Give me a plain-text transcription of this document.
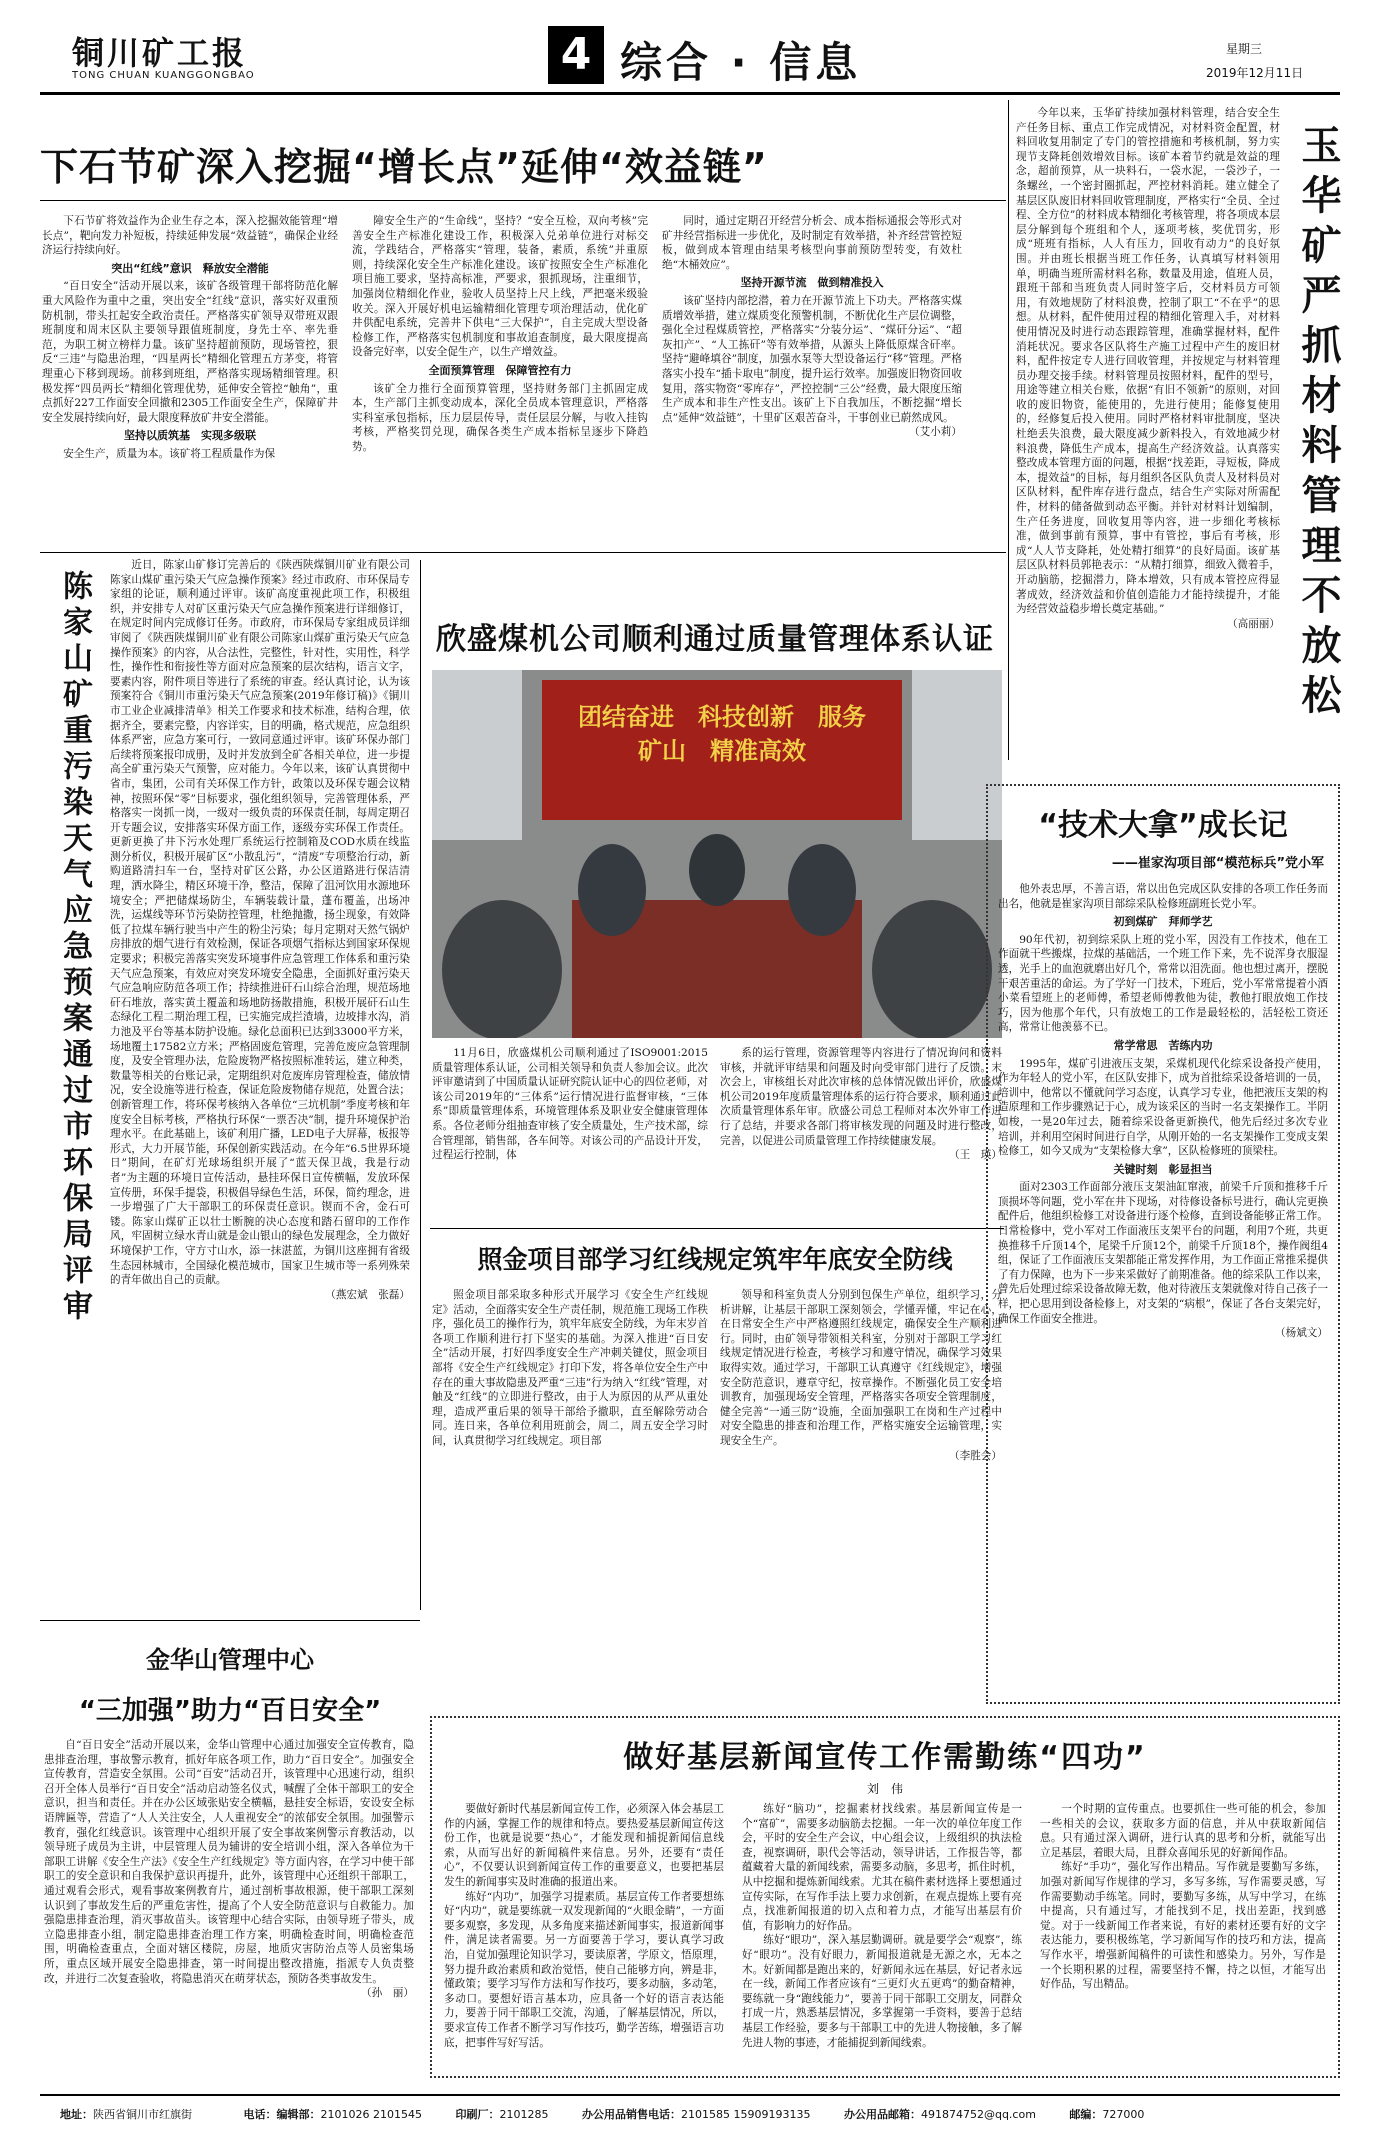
铜川矿工报
TONG CHUAN KUANGGONGBAO	4 综合 · 信息	星期三
2019年12月11日
下石节矿深入挖掘“增长点”延伸“效益链”

下石节矿将效益作为企业生存之本，深入挖掘效能管理“增长点”，靶向发力补短板，持续延伸发展“效益链”，确保企业经济运行持续向好。

突出“红线”意识　释放安全潜能

“百日安全”活动开展以来，该矿各级管理干部将防范化解重大风险作为重中之重，突出安全“红线”意识，落实好双重预防机制，带头扛起安全政治责任。严格落实矿领导双带班双跟班制度和周末区队主要领导跟值班制度，身先士卒、率先垂范，为职工树立榜样力量。该矿坚持超前预防，现场管控，狠反“三违”与隐患治理，“四星两长”精细化管理五方茅变，将管理重心下移到现场。前移到班组，严格落实现场精细管理。积极发挥“四员两长”精细化管理优势，延伸安全管控“触角”，重点抓好227工作面安全回撤和2305工作面安全生产，保障矿井安全发展持续向好，最大限度释放矿井安全潜能。

坚持以质筑基　实现多级联

安全生产，质量为本。该矿将工程质量作为保

障安全生产的“生命线”，坚持？“安全互检，双向考核”完善安全生产标准化建设工作，积极深入兑弟单位进行对标交流，学践结合，严格落实“管理，装备，素质，系统”并重原则，持续深化安全生产标准化建设。该矿按照安全生产标准化项目施工要求，坚持高标准，严要求，狠抓现场，注重细节，加强岗位精细化作业，验收人员坚持上尺上线，严把毫米级验收关。深入开展好机电运输精细化管理专项治理活动，优化矿井供配电系统，完善井下供电“三大保护”，自主完成大型设备检修工作，严格落实包机制度和事故追查制度，最大限度提高设备完好率，以安全促生产，以生产增效益。

全面预算管理　保障管控有力

该矿全力推行全面预算管理，坚持财务部门主抓固定成本，生产部门主抓变动成本，深化全员成本管理意识，严格落实科室承包指标，压力层层传导，责任层层分解，与收入挂钩考核，严格奖罚兑现，确保各类生产成本指标呈逐步下降趋势。

同时，通过定期召开经营分析会、成本指标通报会等形式对矿井经营指标进一步优化，及时制定有效举措，补齐经营管控短板，做到成本管理由结果考核型向事前预防型转变，有效杜绝“木桶效应”。

坚持开源节流　做到精准投入

该矿坚持内部挖潜，着力在开源节流上下功夫。严格落实煤质增效举措，建立煤质变化预警机制，不断优化生产层位调整，强化全过程煤质管控，严格落实“分装分运”、“煤矸分运”、“超灰扣产”、“人工拣矸”等有效举措，从源头上降低原煤含矸率。坚持“避峰填谷”制度，加强水泵等大型设备运行“移”管理。严格落实小投车“插卡取电”制度，提升运行效率。加强废旧物资回收复用，落实物资“零库存”，严控控制“三公”经费，最大限度压缩生产成本和非生产性支出。该矿上下自我加压，不断挖掘“增长点”延伸“效益链”，十里矿区艰苦奋斗，干事创业已蔚然成风。

（艾小莉）

今年以来，玉华矿持续加强材料管理，结合安全生产任务目标、重点工作完成情况，对材料资金配置，材料回收复用制定了专门的管控措施和考核机制，努力实现节支降耗创效增效目标。该矿本着节约就是效益的理念，超前预算，从一块料石，一袋水泥，一袋沙子，一条螺丝，一个密封圈抓起，严控材料消耗。建立健全了基层区队废旧材料回收管理制度，严格实行“全员、全过程、全方位”的材料成本精细化考核管理，将各项成本层层分解到每个班组和个人，逐项考核，奖优罚劣，形成“班班有指标，人人有压力，回收有动力”的良好氛围。并由班长根据当班工作任务，认真填写材料领用单，明确当班所需材料名称，数量及用途，值班人员，跟班干部和当班负责人同时签字后，交材料员方可领用，有效地规防了材料浪费，控制了职工“不在乎”的思想。从材料，配件使用过程的精细化管理入手，对材料使用情况及时进行动态跟踪管理，准确掌握材料，配件消耗状况。要求各区队将生产施工过程中产生的废旧材料，配件按定专人进行回收管理，并按规定与材料管理员办理交接手续。材料管理员按照材料，配件的型号，用途等建立相关台账，依据“有旧不领新”的原则，对回收的废旧物资，能使用的，先进行使用；能修复使用的，经修复后投入使用。同时严格材料审批制度，坚决杜绝丢失浪费，最大限度减少新料投入，有效地减少材料浪费，降低生产成本，提高生产经济效益。认真落实整改成本管理方面的问题，根据“找差距，寻短板，降成本，提效益”的目标，每月组织各区队负责人及材料员对区队材料，配件库存进行盘点，结合生产实际对所需配件，材料的储备做到动态平衡。并针对材料计划编制，生产任务进度，回收复用等内容，进一步细化考核标准，做到事前有预算，事中有管控，事后有考核，形成“人人节支降耗，处处精打细算”的良好局面。该矿基层区队材料员郭艳表示：“从精打细算，细致入微着手，开动脑筋，挖掘潜力，降本增效，只有成本管控应得显著成效，经济效益和价值创造能力才能持续提升，才能为经营效益稳步增长奠定基础。”

（高丽丽） 玉华矿严抓材料管理不放松
陈家山矿重污染天气应急预案通过市环保局评审

近日，陈家山矿修订完善后的《陕西陕煤铜川矿业有限公司陈家山煤矿重污染天气应急操作预案》经过市政府、市环保局专家组的论证，顺利通过评审。该矿高度重视此项工作，积极组织，并安排专人对矿区重污染天气应急操作预案进行详细修订，在规定时间内完成修订任务。市政府，市环保局专家组成员详细审阅了《陕西陕煤铜川矿业有限公司陈家山煤矿重污染天气应急操作预案》的内容，从合法性，完整性，针对性，实用性，科学性，操作性和衔接性等方面对应急预案的层次结构，语言文字，要素内容，附件项目等进行了系统的审查。经认真讨论，认为该预案符合《铜川市重污染天气应急预案(2019年修订稿)》《铜川市工业企业减排清单》相关工作要求和技术标准，结构合理，依据齐全，要素完整，内容详实，目的明确，格式规范，应急组织体系严密，应急方案可行，一致同意通过评审。该矿环保办部门后续将预案报印成册，及时并发放到全矿各相关单位，进一步提高全矿重污染天气预警，应对能力。今年以来，该矿认真贯彻中省市，集团，公司有关环保工作方针，政策以及环保专题会议精神，按照环保“零”目标要求，强化组织领导，完善管理体系，严格落实一岗抓一岗，一级对一级负责的环保责任制，每周定期召开专题会议，安排落实环保方面工作，逐级夯实环保工作责任。更新更换了井下污水处理厂系统运行控制箱及COD水质在线监测分析仪，积极开展矿区“小散乱污”，“清废”专项整治行动，新购道路清扫车一台，坚持对矿区公路，办公区道路进行保洁清理，洒水降尘，精区环境干净，整洁，保障了沮河饮用水源地环境安全；严把储煤场防尘，车辆装载计量，蓬布覆盖，出场冲洗，运煤线等环节污染防控管理，杜绝抛撒，扬尘现象，有效降低了拉煤车辆行驶当中产生的粉尘污染；每月定期对天然气锅炉房排放的烟气进行有效检测，保证各项烟气指标达到国家环保规定要求；积极完善落实突发环境事件应急管理工作体系和重污染天气应急预案，有效应对突发环境安全隐患，全面抓好重污染天气应急响应防范各项工作；持续推进矸石山综合治理，规范场地矸石堆放，落实黄土覆盖和场地防扬散措施，积极开展矸石山生态绿化工程二期治理工程，已实施完成拦渣墙，边坡排水沟，消力池及平台等基本防护设施。绿化总面积已达到33000平方米，场地覆土17582立方米；严格固废危管理，完善危废应急管理制度，及安全管理办法，危险废物严格按照标准转运，建立种类，数量等相关的台账记录，定期组织对危废库房管理检查，储放情况，安全设施等进行检查，保证危险废物储存规范，处置合法；创新管理工作，将环保考核纳入各单位“三坑机制”季度考核和年度安全目标考核，严格执行环保“一票否决”制，提升环境保护治理水平。在此基础上，该矿利用广播，LED电子大屏幕，板报等形式，大力开展节能，环保创新实践活动。在今年“6.5世界环境日”期间，在矿灯光球场组织开展了“蓝天保卫战，我是行动者”为主题的环境日宣传活动，悬挂环保日宣传横幅，发放环保宣传册，环保手提袋，积极倡导绿色生活，环保，简约理念，进一步增强了广大干部职工的环保责任意识。锲而不舍，金石可镂。陈家山煤矿正以壮士断腕的决心态度和踏石留印的工作作风，牢固树立绿水青山就是金山银山的绿色发展理念，全力做好环境保护工作，守方寸山水，添一抹湛蓝，为铜川这座拥有省级生态园林城市，全国绿化模范城市，国家卫生城市等一系列殊荣的青年做出自己的贡献。

（燕宏斌　张磊）
欣盛煤机公司顺利通过质量管理体系认证
团结奋进　科技创新　服务矿山　精准高效

11月6日，欣盛煤机公司顺利通过了ISO9001:2015质量管理体系认证，公司相关领导和负责人参加会议。此次评审邀请到了中国质量认证研究院认证中心的四位老师，对该公司2019年的“三体系”运行情况进行监督审核，“三体系”即质量管理体系，环境管理体系及职业安全健康管理体系。各位老师分组抽查审核了安全质量处，生产技术部，综合管理部，销售部，各车间等。对该公司的产品设计开发，过程运行控制，体

系的运行管理，资源管理等内容进行了情况询问和资料审核，并就评审结果和问题及时向受审部门进行了反馈。末次会上，审核组长对此次审核的总体情况做出评价，欣盛煤机公司2019年度质量管理体系的运行符合要求，顺利通过此次质量管理体系年审。欣盛公司总工程师对本次外审工作进行了总结，并要求各部门将审核发现的问题及时进行整改，完善，以促进公司质量管理工作持续健康发展。

（王　瑛）
照金项目部学习红线规定筑牢年底安全防线

照金项目部采取多种形式开展学习《安全生产红线规定》活动，全面落实安全生产责任制，规范施工现场工作秩序，强化员工的操作行为，筑牢年底安全防线，为年末岁首各项工作顺利进行打下坚实的基础。为深入推进“百日安全”活动开展，打好四季度安全生产冲刺关键仗，照金项目部将《安全生产红线规定》打印下发，将各单位安全生产中存在的重大事故隐患及严重“三违”行为纳入“红线”管理，对触及“红线”的立即进行整改，由于人为原因的从严从重处理，造成严重后果的领导干部给予撤职，直至解除劳动合同。连日来，各单位利用班前会，周二，周五安全学习时间，认真贯彻学习红线规定。项目部

领导和科室负责人分别到包保生产单位，组织学习，分析讲解，让基层干部职工深刻领会，学懂弄懂，牢记在心，在日常安全生产中严格遵照红线规定，确保安全生产顺利进行。同时，由矿领导带领相关科室，分别对于部职工学习红线规定情况进行检查，考核学习和遵守情况，确保学习效果取得实效。通过学习，干部职工认真遵守《红线规定》，增强安全防范意识，遵章守纪，按章操作。不断强化员工安全培训教育，加强现场安全管理，严格落实各项安全管理制度，健全完善“一通三防”设施，全面加强职工在岗和生产过程中对安全隐患的排查和治理工作，严格实施安全运输管理，实现安全生产。

（李胜会）
“技术大拿”成长记
——崔家沟项目部“模范标兵”党小军

他外表忠厚，不善言语，常以出色完成区队安排的各项工作任务而出名，他就是崔家沟项目部综采队检修班副班长党小军。

初到煤矿　拜师学艺

90年代初，初到综采队上班的党小军，因没有工作技术，他在工作面就干些搬煤，拉煤的基础活，一个班工作下来，先不说浑身衣服湿透，光手上的血泡就磨出好几个，常常以泪洗面。他也想过离开，摆脱干艰苦重活的命运。为了学好一门技术，下班后，党小军常常提着小酒小菜看望班上的老师傅，希望老师傅教他为徒，教他打眼放炮工作技巧，因为他那个年代，只有放炮工的工作是最轻松的，活轻松工资还高，常常让他羡慕不已。

常学常思　苦练内功

1995年，煤矿引进液压支架，采煤机现代化综采设备投产使用，作为年轻人的党小军，在区队安排下，成为首批综采设备培训的一员，培训中，他常以不懂就问学习态度，认真学习专业，他把液压支架的构造原理和工作步骤熟记于心，成为该采区的当时一名支架操作工。半阴如梭，一晃20年过去，随着综采设备更新换代，他先后经过多次专业培训，并利用空闲时间进行自学，从刚开始的一名支架操作工变成支架检修工，如今又成为“支架检修大拿”，区队检修班的顶梁柱。

关键时刻　彰显担当

面对2303工作面部分液压支架油缸窜液，前梁千斤顶和推移千斤顶损坏等问题，党小军在井下现场，对待修设备标号进行，确认完更换配件后，他组织检修工对设备进行逐个检修，直到设备能够正常工作。日常检修中，党小军对工作面液压支架平台的问题，利用7个班，共更换推移千斤顶14个，尾梁千斤顶12个，前梁千斤顶18个，操作阀组4组，保证了工作面液压支架都能正常发挥作用，为工作面正常推采提供了有力保障，也为下一步来采做好了前期准备。他的综采队工作以来，曾先后处理过综采设备故障无数，他对待液压支架就像对待自己孩子一样，把心思用到设备检修上，对支架的“病根”，保证了各台支架完好，确保工作面安全推进。

（杨斌文）
金华山管理中心
“三加强”助力“百日安全”

自“百日安全”活动开展以来，金华山管理中心通过加强安全宣传教育，隐患排查治理，事故警示教育，抓好年底各项工作，助力“百日安全”。加强安全宣传教育，营造安全氛围。公司“百安”活动召开，该管理中心迅速行动，组织召开全体人员举行“百日安全”活动启动签名仪式，喊醒了全体干部职工的安全意识，担当和责任。并在办公区域张贴安全横幅，悬挂安全标语，安设安全标语牌匾等，营造了“人人关注安全，人人重视安全”的浓郁安全氛围。加强警示教育，强化红线意识。该管理中心组织开展了安全事故案例警示育教活动，以领导班子成员为主讲，中层管理人员为辅讲的安全培训小组，深入各单位为干部职工讲解《安全生产法》《安全生产红线规定》等方面内容，在学习中使干部职工的安全意识和自我保护意识再提升，此外，该管理中心还组织干部职工，通过观看会形式，观看事故案例教育片，通过剖析事故根源，使干部职工深刻认识到了事故发生后的严重危害性，提高了个人安全防范意识与自救能力。加强隐患排查治理，消灭事故苗头。该管理中心结合实际，由领导班子带头，成立隐患排查小组，制定隐患排查治理工作方案，明确检查时间，明确检查范围，明确检查重点，全面对辖区楼院，房屋，地质灾害防治点等人员密集场所，重点区域开展安全隐患排查，第一时间提出整改措施，指派专人负责整改，并进行二次复查验收，将隐患消灭在萌芽状态，预防各类事故发生。

（孙　丽）
做好基层新闻宣传工作需勤练“四功”
刘　伟

要做好新时代基层新闻宣传工作，必须深入体会基层工作的内涵，掌握工作的规律和特点。要热爱基层新闻宣传这份工作，也就是说要“热心”，才能发现和捕捉新闻信息线索，从而写出好的新闻稿件来信息。另外，还要有“责任心”，不仅要认识到新闻宣传工作的重要意义，也要把基层发生的新闻事实及时准确的报道出来。

练好“内功”，加强学习提素质。基层宣传工作者要想练好“内功”，就是要练就一双发现新闻的“火眼金睛”，一方面要多观察，多发现，从多角度来描述新闻事实，报道新闻事件，满足读者需要。另一方面要善于学习，要认真学习政治，自觉加强理论知识学习，要读原著，学原文，悟原理，努力提升政治素质和政治觉悟，使自己能够方向，辨是非，懂政策；要学习写作方法和写作技巧，要多动脑，多动笔，多动口。要想好语言基本功，应具备一个好的语言表达能力，要善于同干部职工交流，沟通，了解基层情况，所以，要求宣传工作者不断学习写作技巧，勤学苦练，增强语言功底，把事件写好写活。

练好“脑功”，挖掘素材找线索。基层新闻宣传是一个“富矿”，需要多动脑筋去挖掘。一年一次的单位年度工作会，平时的安全生产会议，中心组会议，上级组织的执法检查，视察调研，职代会等活动，领导讲话，工作报告等，都蕴藏着大量的新闻线索，需要多动脑，多思考，抓住时机，从中挖掘和提炼新闻线索。尤其在稿件素材选择上要想通过宣传实际，在写作手法上要力求创新，在观点提炼上要有亮点，找准新闻报道的切入点和着力点，才能写出基层有价值，有影响力的好作品。

练好“眼功”，深入基层勤调研。就是要学会“观察”，练好“眼功”。没有好眼力，新闻报道就是无源之水，无本之木。好新闻都是跑出来的，好新闻永远在基层，好记者永远在一线，新闻工作者应该有“三更灯火五更鸡”的勤奋精神，要练就一身“跑线能力”，要善于同干部职工交朋友，同群众打成一片，熟悉基层情况，多掌握第一手资料，要善于总结基层工作经验，要多与干部职工中的先进人物接触，多了解先进人物的事迹，才能捕捉到新闻线索。

一个时期的宣传重点。也要抓住一些可能的机会，参加一些相关的会议，获取多方面的信息，并从中获取新闻信息。只有通过深入调研，进行认真的思考和分析，就能写出立足基层，着眼大局，且群众喜闻乐见的好新闻作品。

练好“手功”，强化写作出精品。写作就是要勤写多练，加强对新闻写作规律的学习，多写多练，写作需要灵感，写作需要勤动手练笔。同时，要勤写多练，从写中学习，在练中提高，只有通过写，才能找到不足，找出差距，找到感觉。对于一线新闻工作者来说，有好的素材还要有好的文字表达能力，要积极练笔，学习新闻写作的技巧和方法，提高写作水平，增强新闻稿件的可读性和感染力。另外，写作是一个长期积累的过程，需要坚持不懈，持之以恒，才能写出好作品，写出精品。

地址：陕西省铜川市红旗街	电话：编辑部：2101026 2101545	印刷厂：2101285	办公用品销售电话：2101585 15909193135	办公用品邮箱：491874752@qq.com	邮编：727000
